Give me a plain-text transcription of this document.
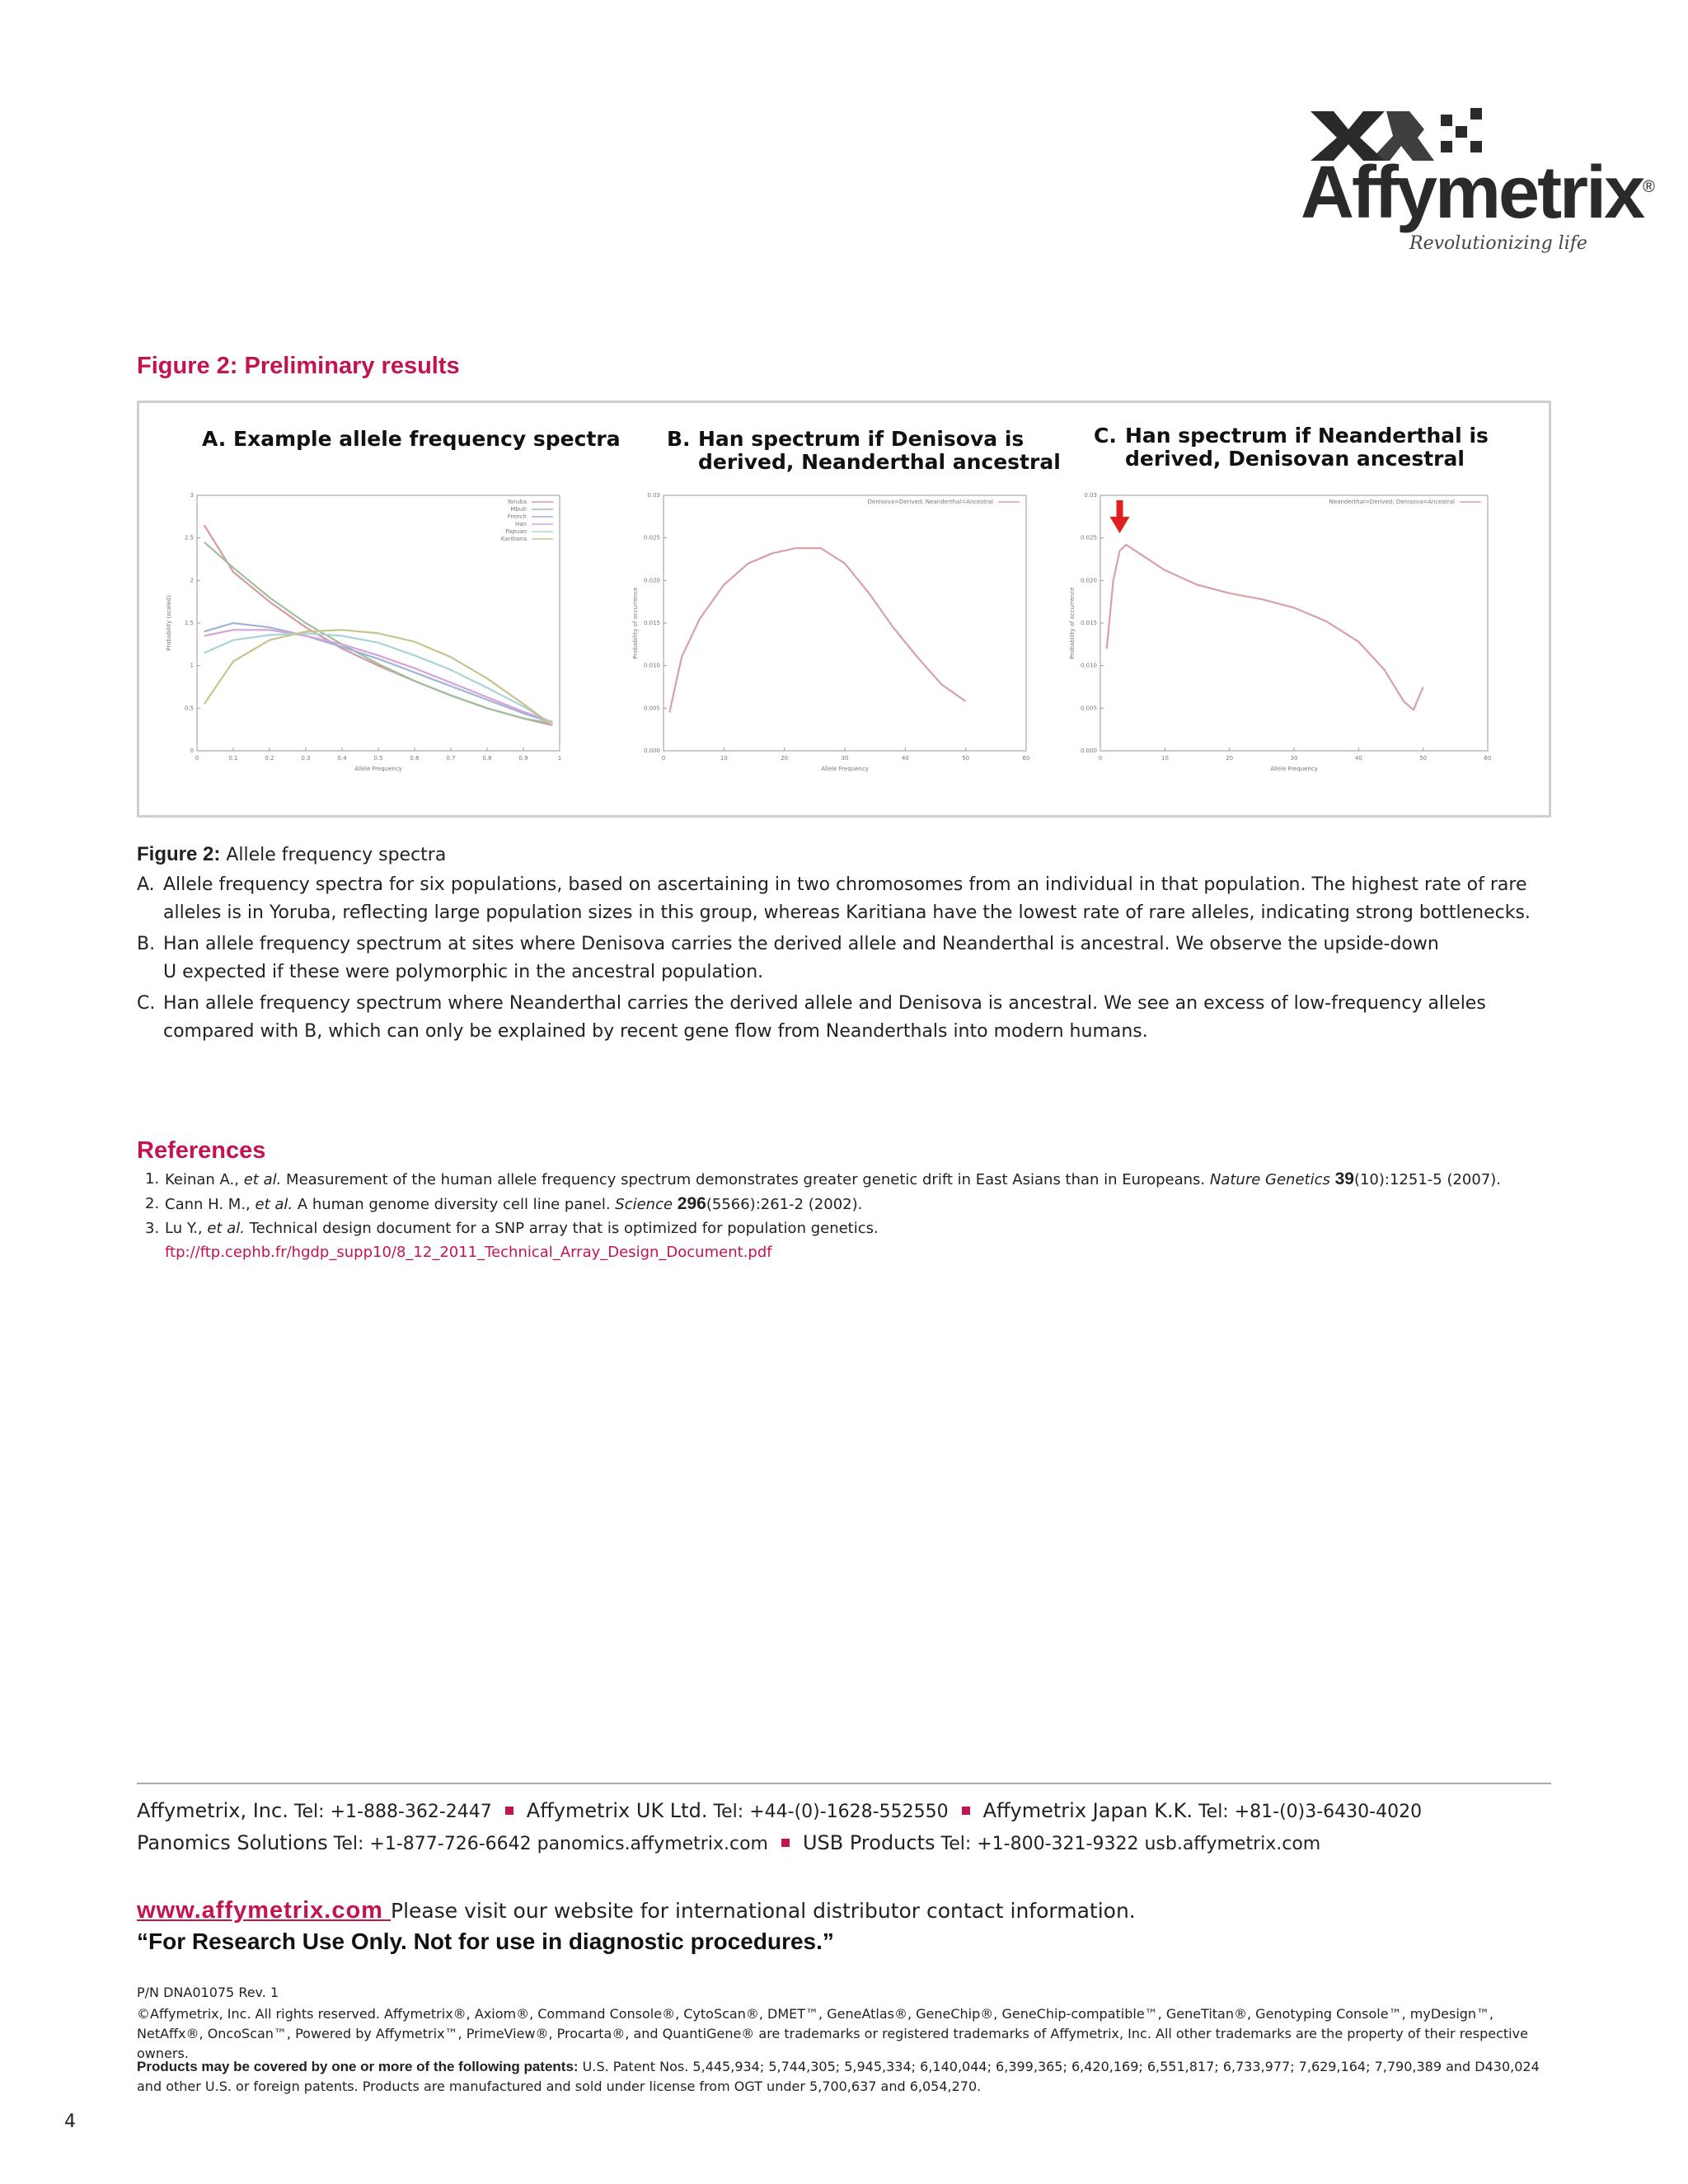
Affymetrix®
Revolutionizing life
Figure 2: Preliminary results
A. Example allele frequency spectra B. Han spectrum if Denisova is
derived, Neanderthal ancestral
C. Han spectrum if Neanderthal is
derived, Denisovan ancestral
0	0.1	0.2	0.3	0.4	0.5	0.6	0.7	0.8	0.9	1
0
0.5
1
1.5
2
2.5
3
Allele Frequency
Probability (scaled)
Yoruba
Mbuti
French
Han
Papuan
Karitiana
0	10	20	30	40	50	60
0.000
0.005
0.010
0.015
0.020
0.025
0.03
Allele Frequency
Probability of occurrence
Denisova=Derived; Neanderthal=Ancestral
0	10	20	30	40	50	60
0.000
0.005
0.010
0.015
0.020
0.025
0.03
Allele Frequency
Probability of occurrence
Neanderthal=Derived; Denisova=Ancestral
Figure 2: Allele frequency spectra
A. Allele frequency spectra for six populations, based on ascertaining in two chromosomes from an individual in that population. The highest rate of rare alleles is in Yoruba, reflecting large population sizes in this group, whereas Karitiana have the lowest rate of rare alleles, indicating strong bottlenecks.
B. Han allele frequency spectrum at sites where Denisova carries the derived allele and Neanderthal is ancestral. We observe the upside-down U expected if these were polymorphic in the ancestral population.
C. Han allele frequency spectrum where Neanderthal carries the derived allele and Denisova is ancestral. We see an excess of low-frequency alleles compared with B, which can only be explained by recent gene flow from Neanderthals into modern humans.
References
1. Keinan A., et al. Measurement of the human allele frequency spectrum demonstrates greater genetic drift in East Asians than in Europeans. Nature Genetics 39(10):1251-5 (2007).
2. Cann H. M., et al. A human genome diversity cell line panel. Science 296(5566):261-2 (2002).
3. Lu Y., et al. Technical design document for a SNP array that is optimized for population genetics.
ftp://ftp.cephb.fr/hgdp_supp10/8_12_2011_Technical_Array_Design_Document.pdf
Affymetrix, Inc. Tel: +1-888-362-2447 Affymetrix UK Ltd. Tel: +44-(0)-1628-552550 Affymetrix Japan K.K. Tel: +81-(0)3-6430-4020
Panomics Solutions Tel: +1-877-726-6642 panomics.affymetrix.com USB Products Tel: +1-800-321-9322 usb.affymetrix.com
www.affymetrix.com Please visit our website for international distributor contact information.
“For Research Use Only. Not for use in diagnostic procedures.”
P/N DNA01075 Rev. 1
©Affymetrix, Inc. All rights reserved. Affymetrix®, Axiom®, Command Console®, CytoScan®, DMET™, GeneAtlas®, GeneChip®, GeneChip-compatible™, GeneTitan®, Genotyping Console™, myDesign™, NetAffx®, OncoScan™, Powered by Affymetrix™, PrimeView®, Procarta®, and QuantiGene® are trademarks or registered trademarks of Affymetrix, Inc. All other trademarks are the property of their respective owners.
Products may be covered by one or more of the following patents: U.S. Patent Nos. 5,445,934; 5,744,305; 5,945,334; 6,140,044; 6,399,365; 6,420,169; 6,551,817; 6,733,977; 7,629,164; 7,790,389 and D430,024 and other U.S. or foreign patents. Products are manufactured and sold under license from OGT under 5,700,637 and 6,054,270.
4
